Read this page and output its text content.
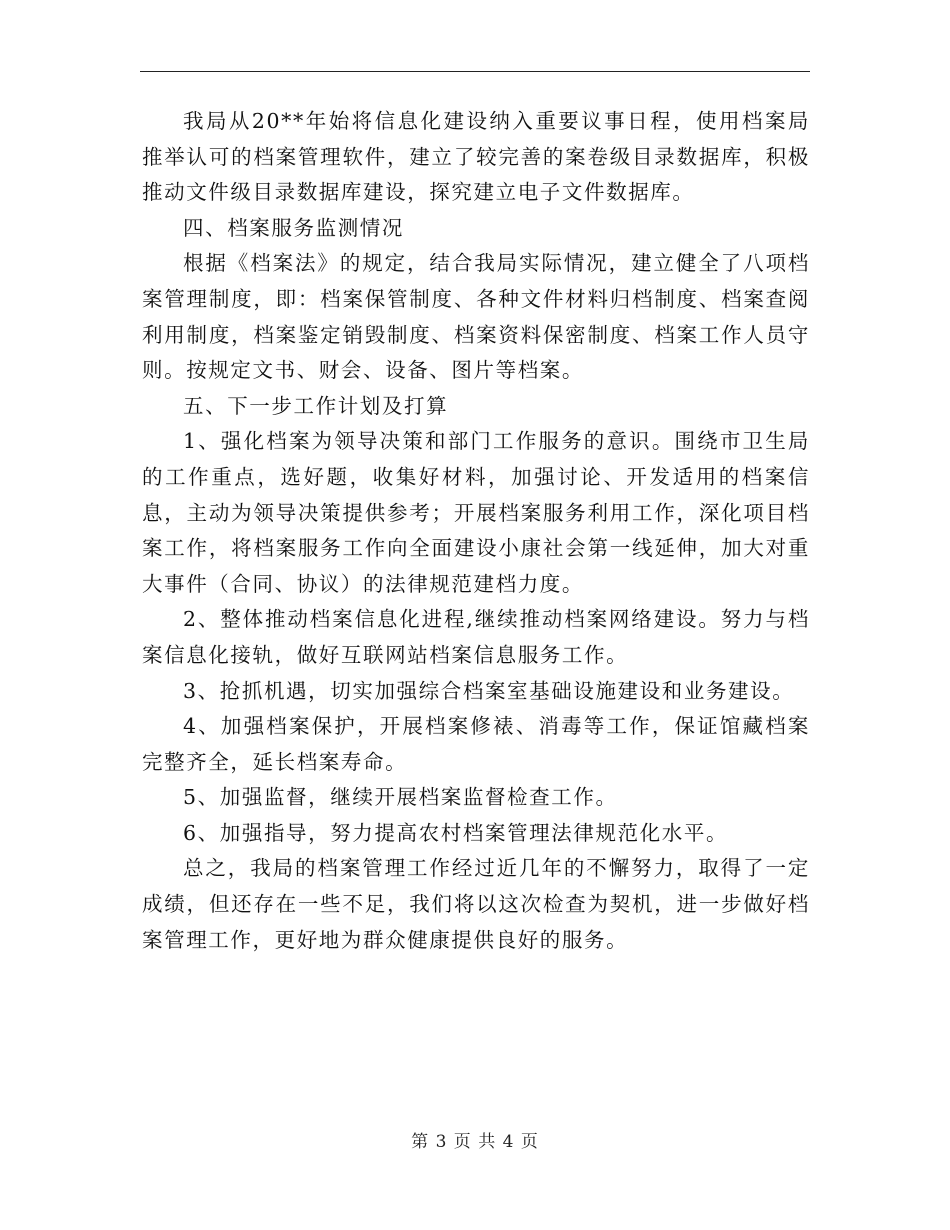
我局从20**年始将信息化建设纳入重要议事日程，使用档案局推举认可的档案管理软件，建立了较完善的案卷级目录数据库，积极推动文件级目录数据库建设，探究建立电子文件数据库。

四、档案服务监测情况

根据《档案法》的规定，结合我局实际情况，建立健全了八项档案管理制度，即：档案保管制度、各种文件材料归档制度、档案查阅利用制度，档案鉴定销毁制度、档案资料保密制度、档案工作人员守则。按规定文书、财会、设备、图片等档案。

五、下一步工作计划及打算

1、强化档案为领导决策和部门工作服务的意识。围绕市卫生局的工作重点，选好题，收集好材料，加强讨论、开发适用的档案信息，主动为领导决策提供参考；开展档案服务利用工作，深化项目档案工作，将档案服务工作向全面建设小康社会第一线延伸，加大对重大事件（合同、协议）的法律规范建档力度。

2、整体推动档案信息化进程,继续推动档案网络建设。努力与档案信息化接轨，做好互联网站档案信息服务工作。

3、抢抓机遇，切实加强综合档案室基础设施建设和业务建设。

4、加强档案保护，开展档案修裱、消毒等工作，保证馆藏档案完整齐全，延长档案寿命。

5、加强监督，继续开展档案监督检查工作。

6、加强指导，努力提高农村档案管理法律规范化水平。

总之，我局的档案管理工作经过近几年的不懈努力，取得了一定成绩，但还存在一些不足，我们将以这次检查为契机，进一步做好档案管理工作，更好地为群众健康提供良好的服务。

第 3 页 共 4 页
